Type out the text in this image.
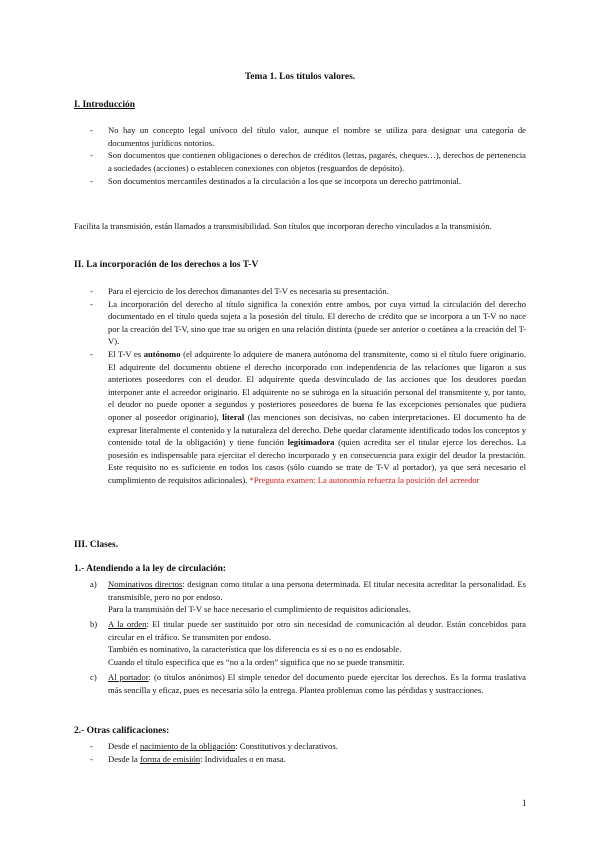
Tema 1. Los títulos valores.
I. Introducción
- No hay un concepto legal unívoco del título valor, aunque el nombre se utiliza para designar una categoría de documentos jurídicos notorios.
- Son documentos que contienen obligaciones o derechos de créditos (letras, pagarés, cheques…), derechos de pertenencia a sociedades (acciones) o establecen conexiones con objetos (resguardos de depósito).
- Son documentos mercantiles destinados a la circulación a los que se incorpora un derecho patrimonial.

Facilita la transmisión, están llamados a transmisibilidad. Son títulos que incorporan derecho vinculados a la transmisión.

II. La incorporación de los derechos a los T-V
- Para el ejercicio de los derechos dimanantes del T-V es necesaria su presentación.
- La incorporación del derecho al título significa la conexión entre ambos, por cuya virtud la circulación del derecho documentado en el título queda sujeta a la posesión del título. El derecho de crédito que se incorpora a un T-V no nace por la creación del T-V, sino que trae su origen en una relación distinta (puede ser anterior o coetánea a la creación del T-V).
- El T-V es autónomo (el adquirente lo adquiere de manera autónoma del transmitente, como si el título fuere originario. El adquirente del documento obtiene el derecho incorporado con independencia de las relaciones que ligaron a sus anteriores poseedores con el deudor. El adquirente queda desvinculado de las acciones que los deudores puedan interponer ante el acreedor originario. El adquirente no se subroga en la situación personal del transmitente y, por tanto, el deudor no puede oponer a segundos y posteriores poseedores de buena fe las excepciones personales que pudiera oponer al poseedor originario), literal (las menciones son decisivas, no caben interpretaciones. El documento ha de expresar literalmente el contenido y la naturaleza del derecho. Debe quedar claramente identificado todos los conceptos y contenido total de la obligación) y tiene función legitimadora (quien acredita ser el titular ejerce los derechos. La posesión es indispensable para ejercitar el derecho incorporado y en consecuencia para exigir del deudor la prestación. Este requisito no es suficiente en todos los casos (sólo cuando se trate de T-V al portador), ya que será necesario el cumplimiento de requisitos adicionales). *Pregunta examen: La autonomía refuerza la posición del acreedor
III. Clases.
1.- Atendiendo a la ley de circulación:
a) Nominativos directos: designan como titular a una persona determinada. El titular necesita acreditar la personalidad. Es transmisible, pero no por endoso.

Para la transmisión del T-V se hace necesario el cumplimiento de requisitos adicionales.

b) A la orden: El titular puede ser sustituido por otro sin necesidad de comunicación al deudor. Están concebidos para circular en el tráfico. Se transmiten por endoso.

También es nominativo, la característica que los diferencia es si es o no es endosable.

Cuando el título especifica que es “no a la orden” significa que no se puede transmitir.

c) Al portador: (o títulos anónimos) El simple tenedor del documento puede ejercitar los derechos. Es la forma traslativa más sencilla y eficaz, pues es necesaria sólo la entrega. Plantea problemas como las pérdidas y sustracciones.

2.- Otras calificaciones:
- Desde el nacimiento de la obligación: Constitutivos y declarativos.
- Desde la forma de emisión: Individuales o en masa.
1
